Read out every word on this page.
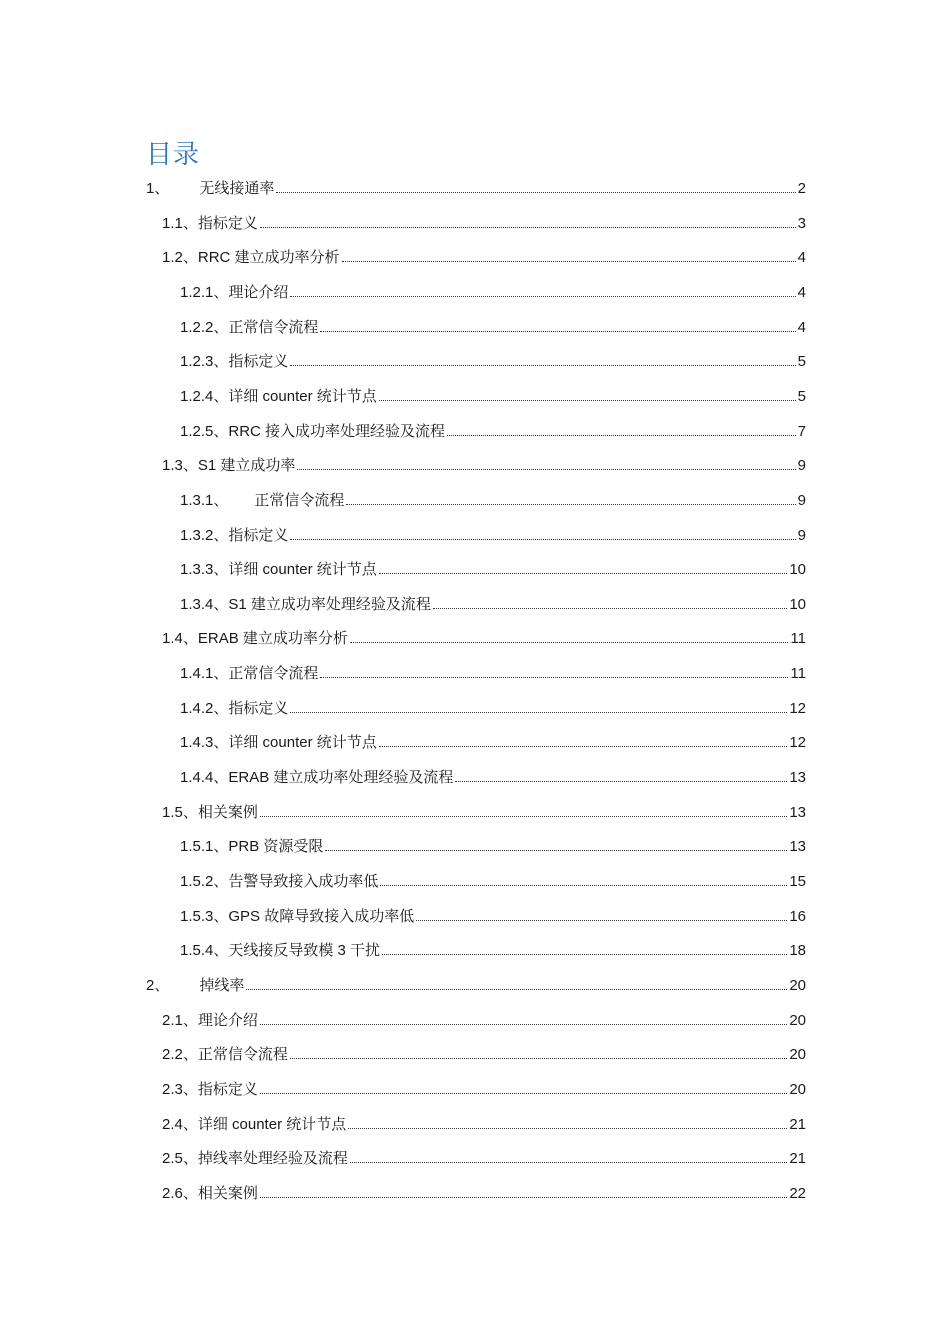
目录
1、 无线接通率	2
1.1、 指标定义	3
1.2、 RRC 建立成功率分析	4
1.2.1、 理论介绍	4
1.2.2、 正常信令流程	4
1.2.3、 指标定义	5
1.2.4、 详细 counter 统计节点	5
1.2.5、 RRC 接入成功率处理经验及流程	7
1.3、 S1 建立成功率	9
1.3.1、 正常信令流程	9
1.3.2、 指标定义	9
1.3.3、 详细 counter 统计节点	10
1.3.4、 S1 建立成功率处理经验及流程	10
1.4、 ERAB 建立成功率分析	11
1.4.1、 正常信令流程	11
1.4.2、 指标定义	12
1.4.3、 详细 counter 统计节点	12
1.4.4、 ERAB 建立成功率处理经验及流程	13
1.5、 相关案例	13
1.5.1、 PRB 资源受限	13
1.5.2、 告警导致接入成功率低	15
1.5.3、 GPS 故障导致接入成功率低	16
1.5.4、 天线接反导致模 3 干扰	18
2、 掉线率	20
2.1、 理论介绍	20
2.2、 正常信令流程	20
2.3、 指标定义	20
2.4、 详细 counter 统计节点	21
2.5、 掉线率处理经验及流程	21
2.6、 相关案例	22
